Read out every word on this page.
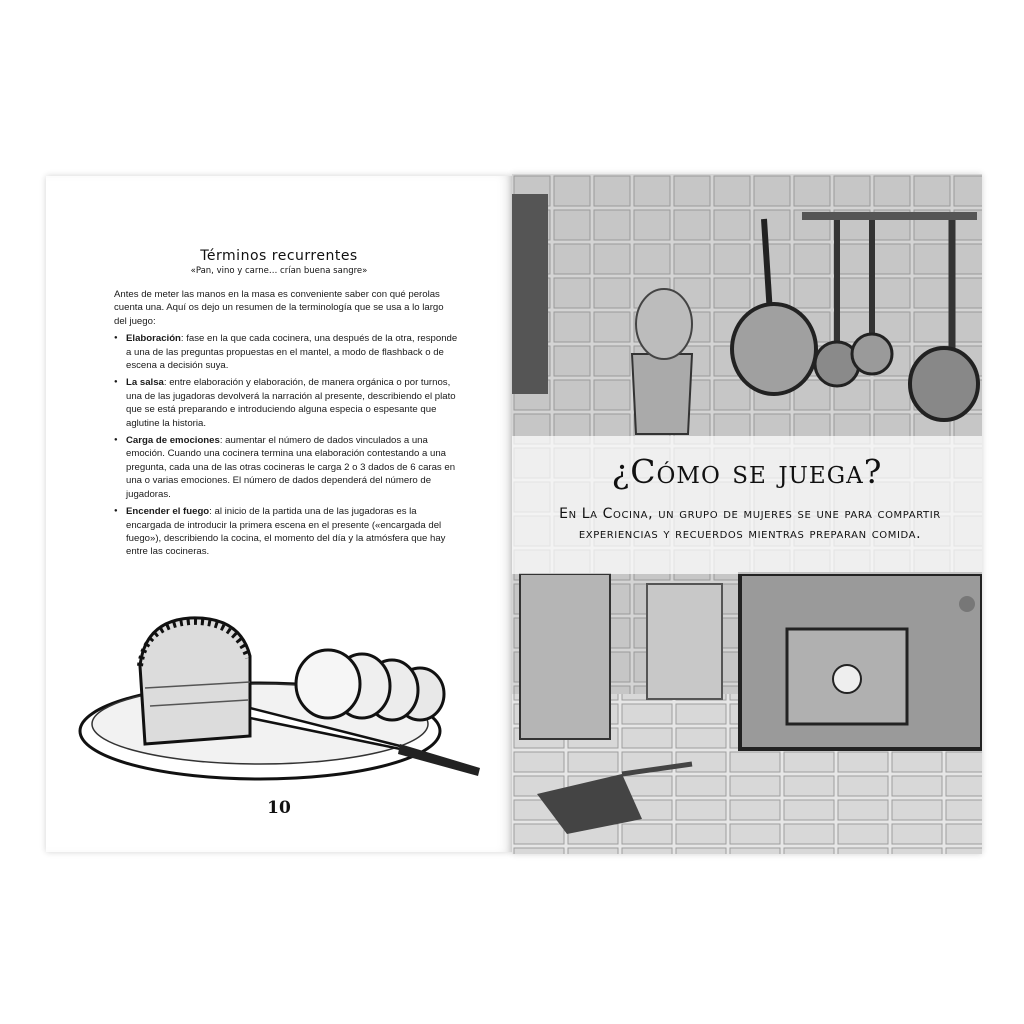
Términos recurrentes
«Pan, vino y carne… crían buena sangre»

Antes de meter las manos en la masa es conveniente saber con qué perolas cuenta una. Aquí os dejo un resumen de la terminología que se usa a lo largo del juego:

● Elaboración: fase en la que cada cocinera, una después de la otra, responde a una de las preguntas propuestas en el mantel, a modo de flashback o de escena a decisión suya.
● La salsa: entre elaboración y elaboración, de manera orgánica o por turnos, una de las jugadoras devolverá la narración al presente, describiendo el plato que se está preparando e introduciendo alguna especia o espesante que aglutine la historia.
● Carga de emociones: aumentar el número de dados vinculados a una emoción. Cuando una cocinera termina una elaboración contestando a una pregunta, cada una de las otras cocineras le carga 2 o 3 dados de 6 caras en una o varias emociones. El número de dados dependerá del número de jugadoras.
● Encender el fuego: al inicio de la partida una de las jugadoras es la encargada de introducir la primera escena en el presente («encargada del fuego»), describiendo la cocina, el momento del día y la atmósfera que hay entre las cocineras.
10
¿Cómo se juega?
En La Cocina, un grupo de mujeres se une para compartir experiencias y recuerdos mientras preparan comida.
